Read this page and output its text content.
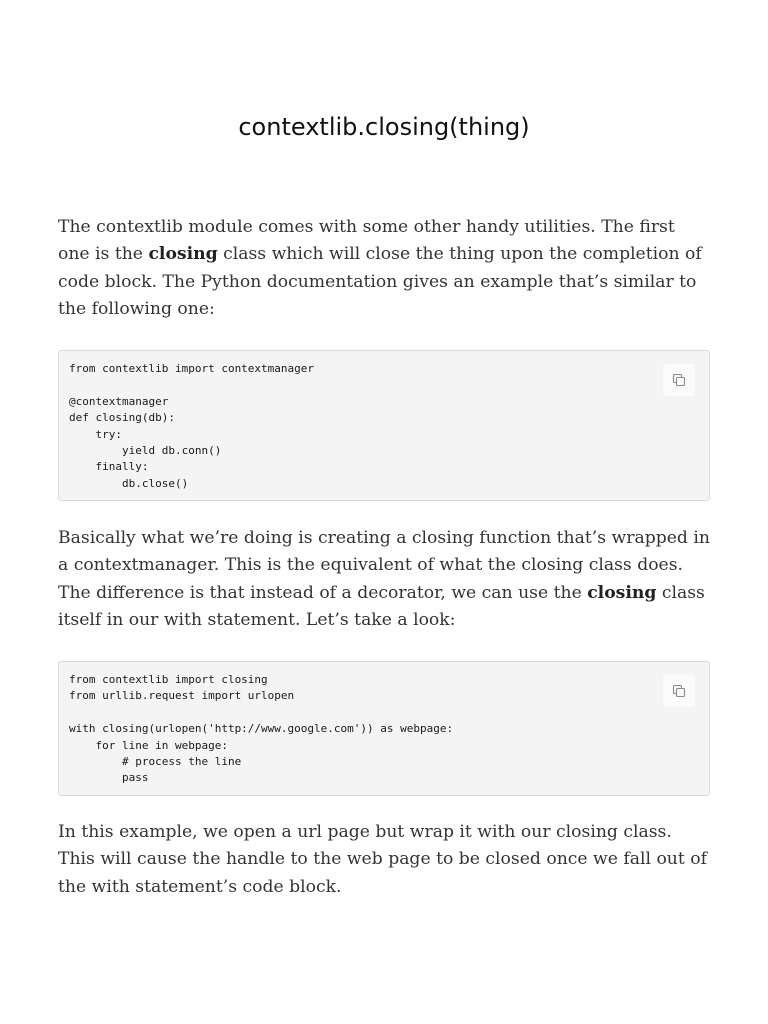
contextlib.closing(thing)

The contextlib module comes with some other handy utilities. The first one is the closing class which will close the thing upon the completion of code block. The Python documentation gives an example that’s similar to the following one:

from contextlib import contextmanager

@contextmanager
def closing(db):
try:
yield db.conn()
finally:
db.close()

Basically what we’re doing is creating a closing function that’s wrapped in a contextmanager. This is the equivalent of what the closing class does. The difference is that instead of a decorator, we can use the closing class itself in our with statement. Let’s take a look:

from contextlib import closing
from urllib.request import urlopen

with closing(urlopen('http://www.google.com')) as webpage:
for line in webpage:
# process the line
pass

In this example, we open a url page but wrap it with our closing class. This will cause the handle to the web page to be closed once we fall out of the with statement’s code block.
